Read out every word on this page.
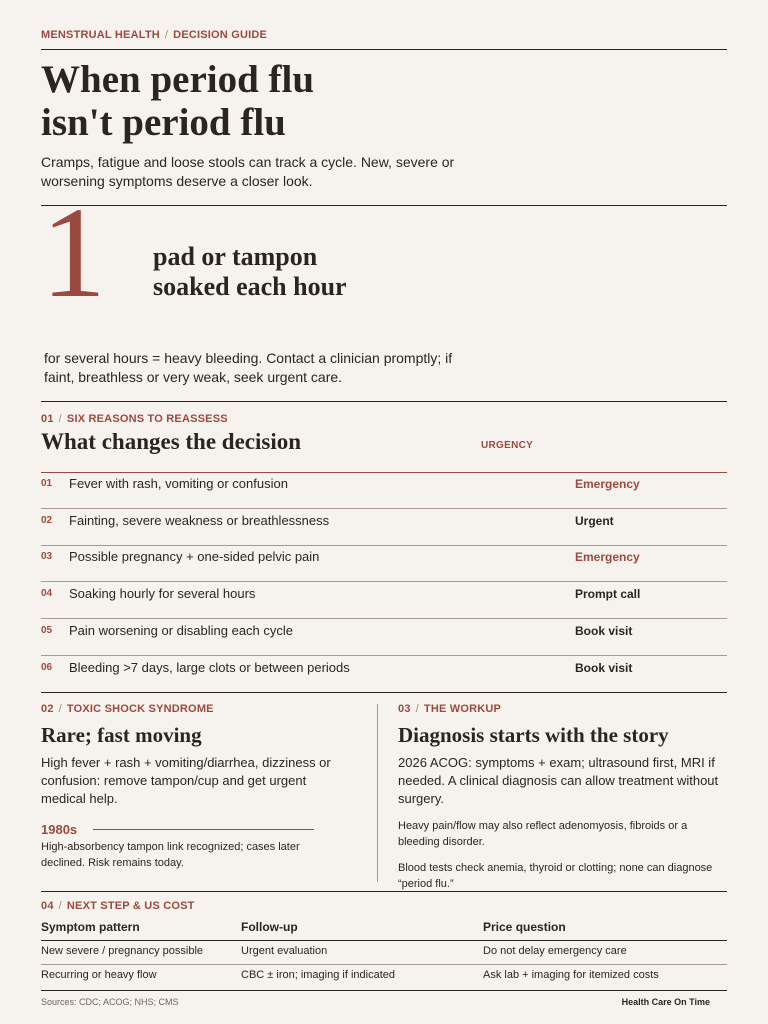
MENSTRUAL HEALTH / DECISION GUIDE
When period flu
isn't period flu

Cramps, fatigue and loose stools can track a cycle. New, severe or worsening symptoms deserve a closer look.

1 pad or tampon
soaked each hour

for several hours = heavy bleeding. Contact a clinician promptly; if faint, breathless or very weak, seek urgent care.

01 / SIX REASONS TO REASSESS
What changes the decision	URGENCY
01 Fever with rash, vomiting or confusion	Emergency
02 Fainting, severe weakness or breathlessness	Urgent
03 Possible pregnancy + one-sided pelvic pain	Emergency
04 Soaking hourly for several hours	Prompt call
05 Pain worsening or disabling each cycle	Book visit
06 Bleeding >7 days, large clots or between periods	Book visit
02 / TOXIC SHOCK SYNDROME
Rare; fast moving

High fever + rash + vomiting/diarrhea, dizziness or confusion: remove tampon/cup and get urgent medical help.

1980s

High-absorbency tampon link recognized; cases later declined. Risk remains today.

03 / THE WORKUP
Diagnosis starts with the story

2026 ACOG: symptoms + exam; ultrasound first, MRI if needed. A clinical diagnosis can allow treatment without surgery.

Heavy pain/flow may also reflect adenomyosis, fibroids or a bleeding disorder.

Blood tests check anemia, thyroid or clotting; none can diagnose “period flu.”

04 / NEXT STEP & US COST
Symptom pattern	Follow-up	Price question
New severe / pregnancy possible	Urgent evaluation	Do not delay emergency care
Recurring or heavy flow	CBC ± iron; imaging if indicated	Ask lab + imaging for itemized costs
Sources: CDC; ACOG; NHS; CMS	Health Care On Time
